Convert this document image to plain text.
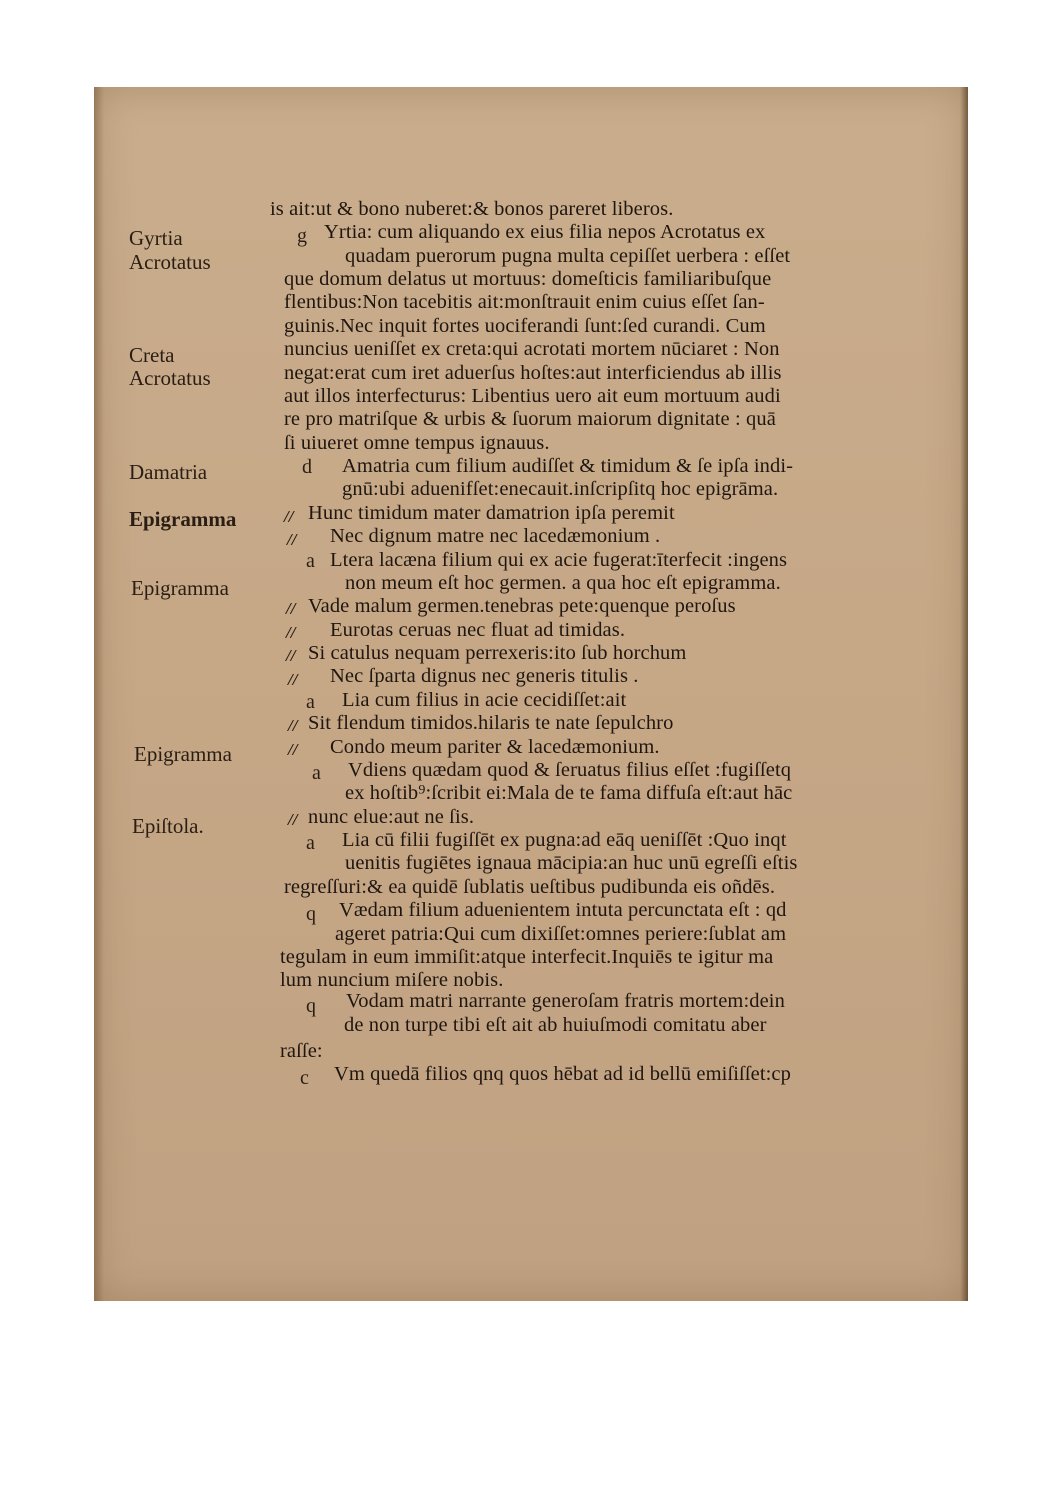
Gyrtia
Acrotatus
Creta
Acrotatus
Damatria
Epigramma
Epigramma
Epigramma
Epiſtola.
g
d
a
a
a
a
q
q
c
//
//
//
//
//
//
//
//
//
is ait:ut & bono nuberet:& bonos pareret liberos.
Yrtia: cum aliquando ex eius filia nepos Acrotatus ex
quadam puerorum pugna multa cepiſſet uerbera : eſſet
que domum delatus ut mortuus: domeſticis familiaribuſque
flentibus:Non tacebitis ait:monſtrauit enim cuius eſſet ſan-
guinis.Nec inquit fortes uociferandi ſunt:ſed curandi. Cum
nuncius ueniſſet ex creta:qui acrotati mortem nūciaret : Non
negat:erat cum iret aduerſus hoſtes:aut interficiendus ab illis
aut illos interfecturus: Libentius uero ait eum mortuum audi
re pro matriſque & urbis & ſuorum maiorum dignitate : quā
ſi uiueret omne tempus ignauus.
Amatria cum filium audiſſet & timidum & ſe ipſa indi-
gnū:ubi aduenifſet:enecauit.inſcripſitq hoc epigrāma.
Hunc timidum mater damatrion ipſa peremit
Nec dignum matre nec lacedæmonium .
Ltera lacæna filium qui ex acie fugerat:īterfecit :ingens
non meum eſt hoc germen. a qua hoc eſt epigramma.
Vade malum germen.tenebras pete:quenque peroſus
Eurotas ceruas nec fluat ad timidas.
Si catulus nequam perrexeris:ito ſub horchum
Nec ſparta dignus nec generis titulis .
Lia cum filius in acie cecidiſſet:ait
Sit flendum timidos.hilaris te nate ſepulchro
Condo meum pariter & lacedæmonium.
Vdiens quædam quod & ſeruatus filius eſſet :fugiſſetq
ex hoſtib⁹:ſcribit ei:Mala de te fama diffuſa eſt:aut hāc
nunc elue:aut ne ſis.
Lia cū filii fugiſſēt ex pugna:ad eāq ueniſſēt :Quo inqt
uenitis fugiētes ignaua mācipia:an huc unū egreſſi eſtis
regreſſuri:& ea quidē ſublatis ueſtibus pudibunda eis oñdēs.
Vædam filium aduenientem intuta percunctata eſt : qd
ageret patria:Qui cum dixiſſet:omnes periere:ſublat am
tegulam in eum immiſit:atque interfecit.Inquiēs te igitur ma
lum nuncium miſere nobis.
Vodam matri narrante generoſam fratris mortem:dein
de non turpe tibi eſt ait ab huiuſmodi comitatu aber
raſſe:
Vm quedā filios qnq quos hēbat ad id bellū emiſiſſet:cp
